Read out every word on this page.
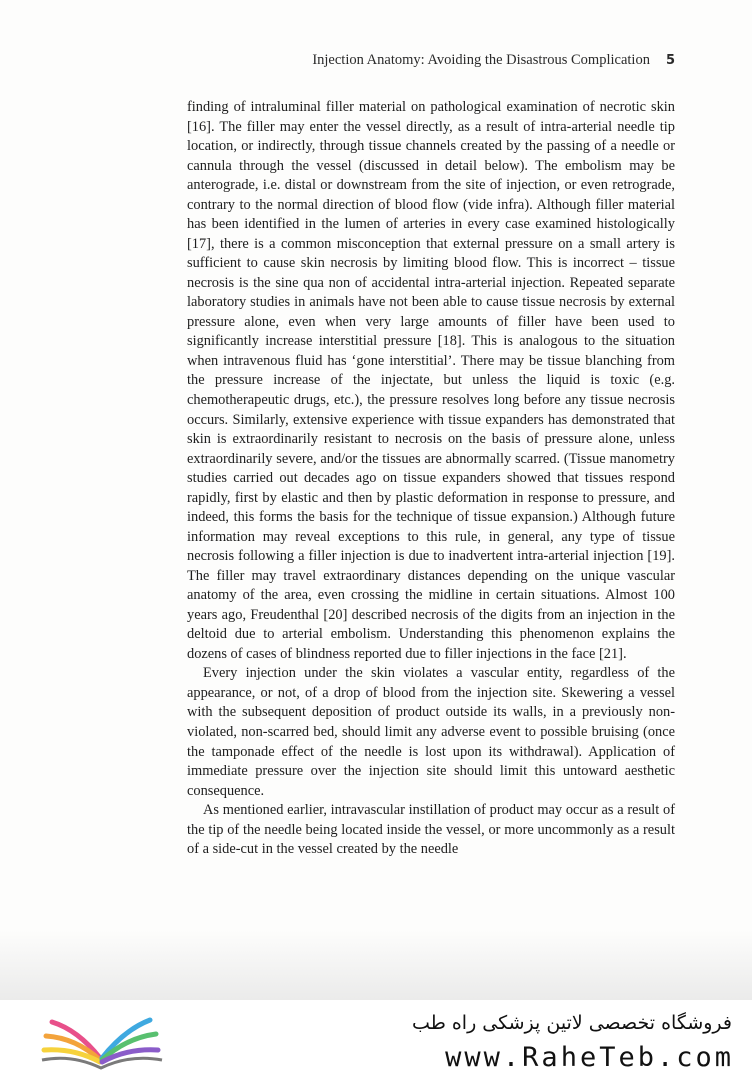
Injection Anatomy: Avoiding the Disastrous Complication 5

finding of intraluminal filler material on pathological examination of necrotic skin [16]. The filler may enter the vessel directly, as a result of intra-arterial needle tip location, or indirectly, through tissue channels created by the passing of a needle or cannula through the vessel (discussed in detail below). The embolism may be anterograde, i.e. distal or downstream from the site of injection, or even retrograde, contrary to the normal direction of blood flow (vide infra). Although filler material has been identified in the lumen of arteries in every case examined histologically [17], there is a common misconception that external pressure on a small artery is sufficient to cause skin necrosis by limiting blood flow. This is incorrect – tissue necrosis is the sine qua non of accidental intra-arterial injection. Repeated separate laboratory studies in animals have not been able to cause tissue necrosis by external pressure alone, even when very large amounts of filler have been used to significantly increase interstitial pressure [18]. This is analogous to the situation when intravenous fluid has ‘gone interstitial’. There may be tissue blanching from the pressure increase of the injectate, but unless the liquid is toxic (e.g. chemotherapeutic drugs, etc.), the pressure resolves long before any tissue necrosis occurs. Similarly, extensive experience with tissue expanders has demonstrated that skin is extraordinarily resistant to necrosis on the basis of pressure alone, unless extraordinarily severe, and/or the tissues are abnormally scarred. (Tissue manometry studies carried out decades ago on tissue expanders showed that tissues respond rapidly, first by elastic and then by plastic deformation in response to pressure, and indeed, this forms the basis for the technique of tissue expansion.) Although future information may reveal exceptions to this rule, in general, any type of tissue necrosis following a filler injection is due to inadvertent intra-arterial injection [19]. The filler may travel extraordinary distances depending on the unique vascular anatomy of the area, even crossing the midline in certain situations. Almost 100 years ago, Freudenthal [20] described necrosis of the digits from an injection in the deltoid due to arterial embolism. Understanding this phenomenon explains the dozens of cases of blindness reported due to filler injections in the face [21].

Every injection under the skin violates a vascular entity, regardless of the appearance, or not, of a drop of blood from the injection site. Skewering a vessel with the subsequent deposition of product outside its walls, in a previously non-violated, non-scarred bed, should limit any adverse event to possible bruising (once the tamponade effect of the needle is lost upon its withdrawal). Application of immediate pressure over the injection site should limit this untoward aesthetic consequence.

As mentioned earlier, intravascular instillation of product may occur as a result of the tip of the needle being located inside the vessel, or more uncommonly as a result of a side-cut in the vessel created by the needle

فروشگاه تخصصی لاتین پزشکی راه طب
www.RaheTeb.com
